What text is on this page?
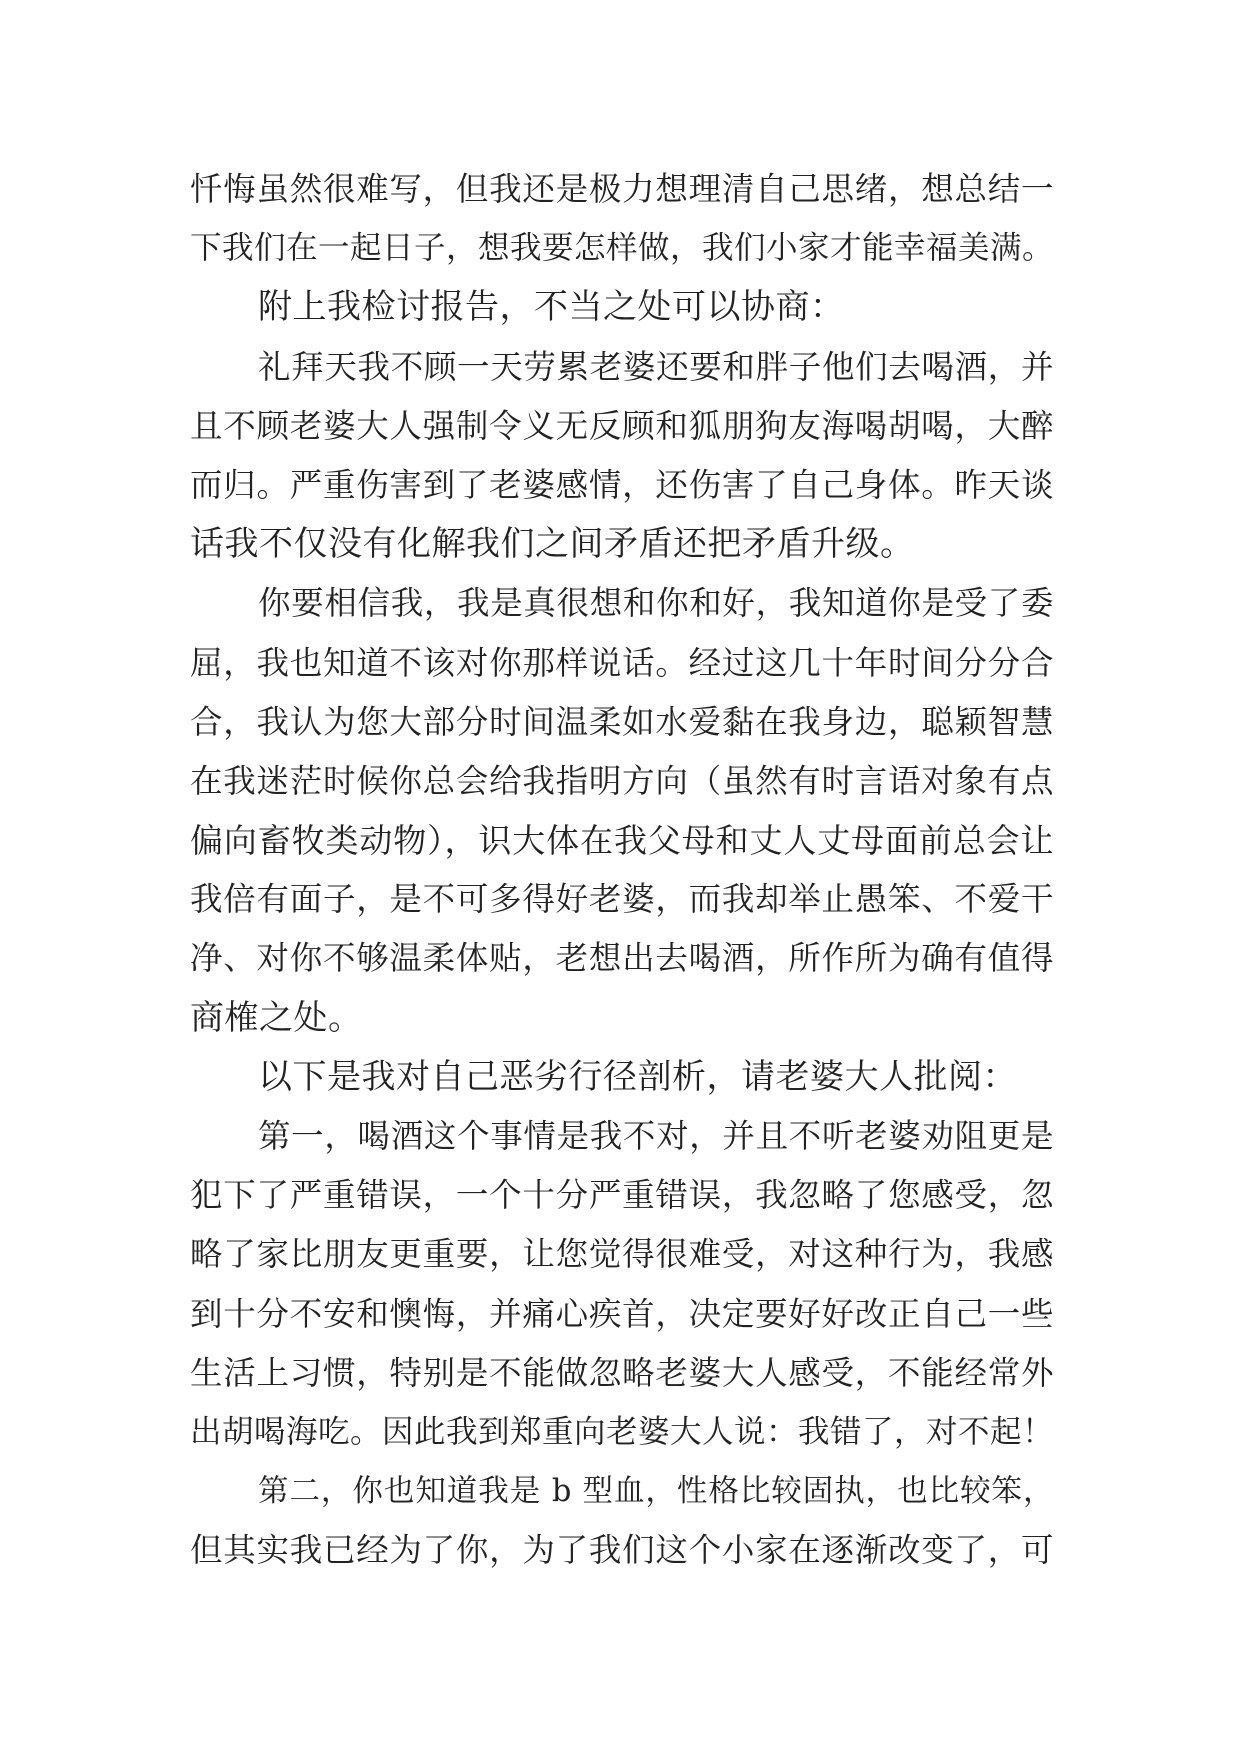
忏悔虽然很难写，但我还是极力想理清自己思绪，想总结一
下我们在一起日子，想我要怎样做，我们小家才能幸福美满。
附上我检讨报告，不当之处可以协商：
礼拜天我不顾一天劳累老婆还要和胖子他们去喝酒，并
且不顾老婆大人强制令义无反顾和狐朋狗友海喝胡喝，大醉
而归。严重伤害到了老婆感情，还伤害了自己身体。昨天谈
话我不仅没有化解我们之间矛盾还把矛盾升级。
你要相信我，我是真很想和你和好，我知道你是受了委
屈，我也知道不该对你那样说话。经过这几十年时间分分合
合，我认为您大部分时间温柔如水爱黏在我身边，聪颖智慧
在我迷茫时候你总会给我指明方向（虽然有时言语对象有点
偏向畜牧类动物），识大体在我父母和丈人丈母面前总会让
我倍有面子，是不可多得好老婆，而我却举止愚笨、不爱干
净、对你不够温柔体贴，老想出去喝酒，所作所为确有值得
商榷之处。
以下是我对自己恶劣行径剖析，请老婆大人批阅：
第一，喝酒这个事情是我不对，并且不听老婆劝阻更是
犯下了严重错误，一个十分严重错误，我忽略了您感受，忽
略了家比朋友更重要，让您觉得很难受，对这种行为，我感
到十分不安和懊悔，并痛心疾首，决定要好好改正自己一些
生活上习惯，特别是不能做忽略老婆大人感受，不能经常外
出胡喝海吃。因此我到郑重向老婆大人说：我错了，对不起！
第二，你也知道我是 b 型血，性格比较固执，也比较笨，
但其实我已经为了你，为了我们这个小家在逐渐改变了，可
